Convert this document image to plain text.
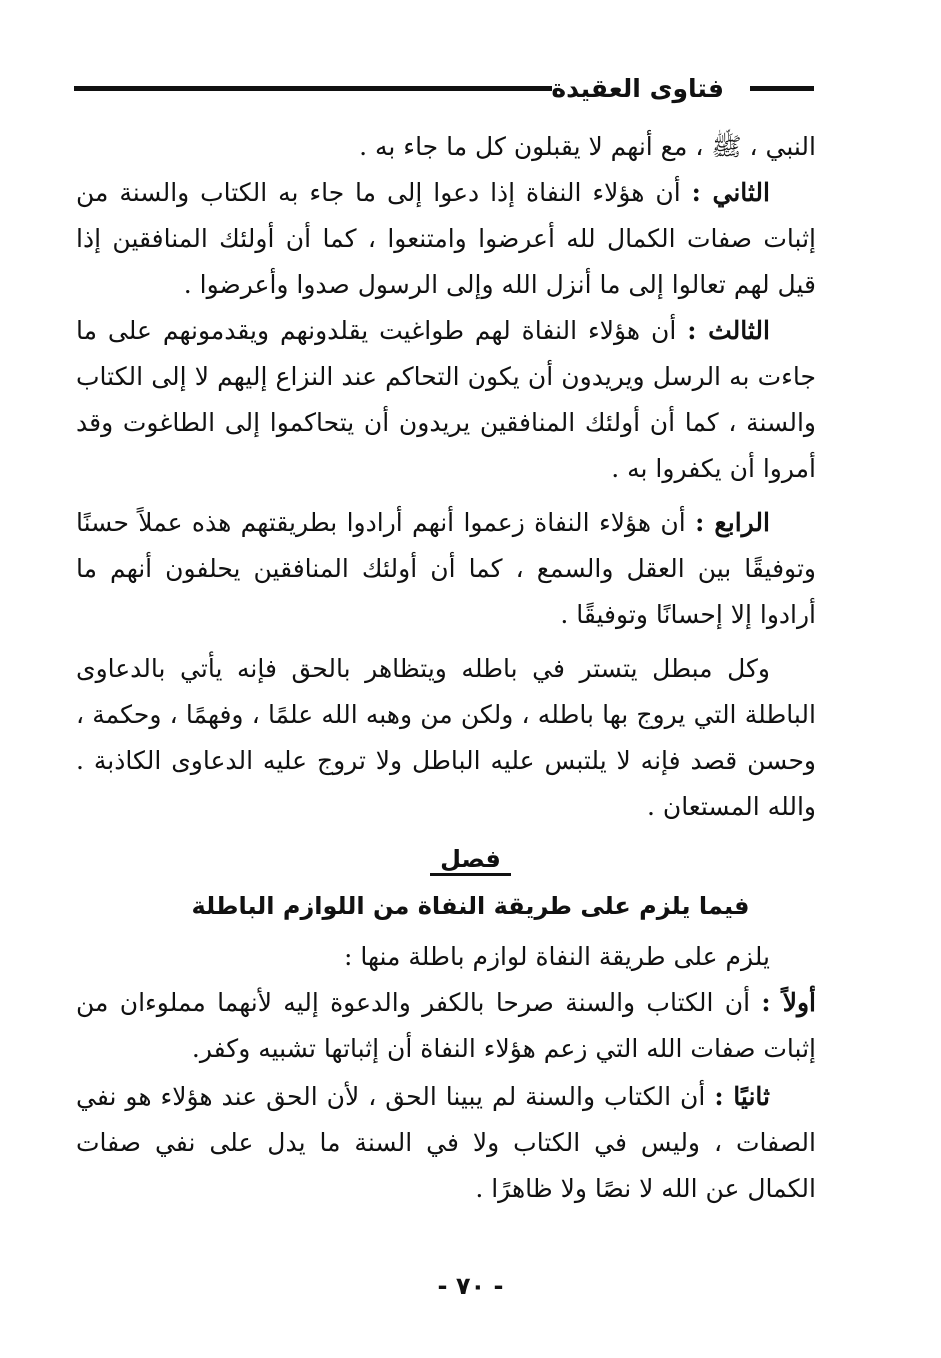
فتاوى العقيدة

النبي ، ﷺ ، مع أنهم لا يقبلون كل ما جاء به .

الثاني : أن هؤلاء النفاة إذا دعوا إلى ما جاء به الكتاب والسنة من إثبات صفات الكمال لله أعرضوا وامتنعوا ، كما أن أولئك المنافقين إذا قيل لهم تعالوا إلى ما أنزل الله وإلى الرسول صدوا وأعرضوا .

الثالث : أن هؤلاء النفاة لهم طواغيت يقلدونهم ويقدمونهم على ما جاءت به الرسل ويريدون أن يكون التحاكم عند النزاع إليهم لا إلى الكتاب والسنة ، كما أن أولئك المنافقين يريدون أن يتحاكموا إلى الطاغوت وقد أمروا أن يكفروا به .

الرابع : أن هؤلاء النفاة زعموا أنهم أرادوا بطريقتهم هذه عملاً حسنًا وتوفيقًا بين العقل والسمع ، كما أن أولئك المنافقين يحلفون أنهم ما أرادوا إلا إحسانًا وتوفيقًا .

وكل مبطل يتستر في باطله ويتظاهر بالحق فإنه يأتي بالدعاوى الباطلة التي يروج بها باطله ، ولكن من وهبه الله علمًا ، وفهمًا ، وحكمة ، وحسن قصد فإنه لا يلتبس عليه الباطل ولا تروج عليه الدعاوى الكاذبة . والله المستعان .

فصل
فيما يلزم على طريقة النفاة من اللوازم الباطلة

يلزم على طريقة النفاة لوازم باطلة منها :

أولاً : أن الكتاب والسنة صرحا بالكفر والدعوة إليه لأنهما مملوءان من إثبات صفات الله التي زعم هؤلاء النفاة أن إثباتها تشبيه وكفر.

ثانيًا : أن الكتاب والسنة لم يبينا الحق ، لأن الحق عند هؤلاء هو نفي الصفات ، وليس في الكتاب ولا في السنة ما يدل على نفي صفات الكمال عن الله لا نصًا ولا ظاهرًا .

- ٧٠ -
